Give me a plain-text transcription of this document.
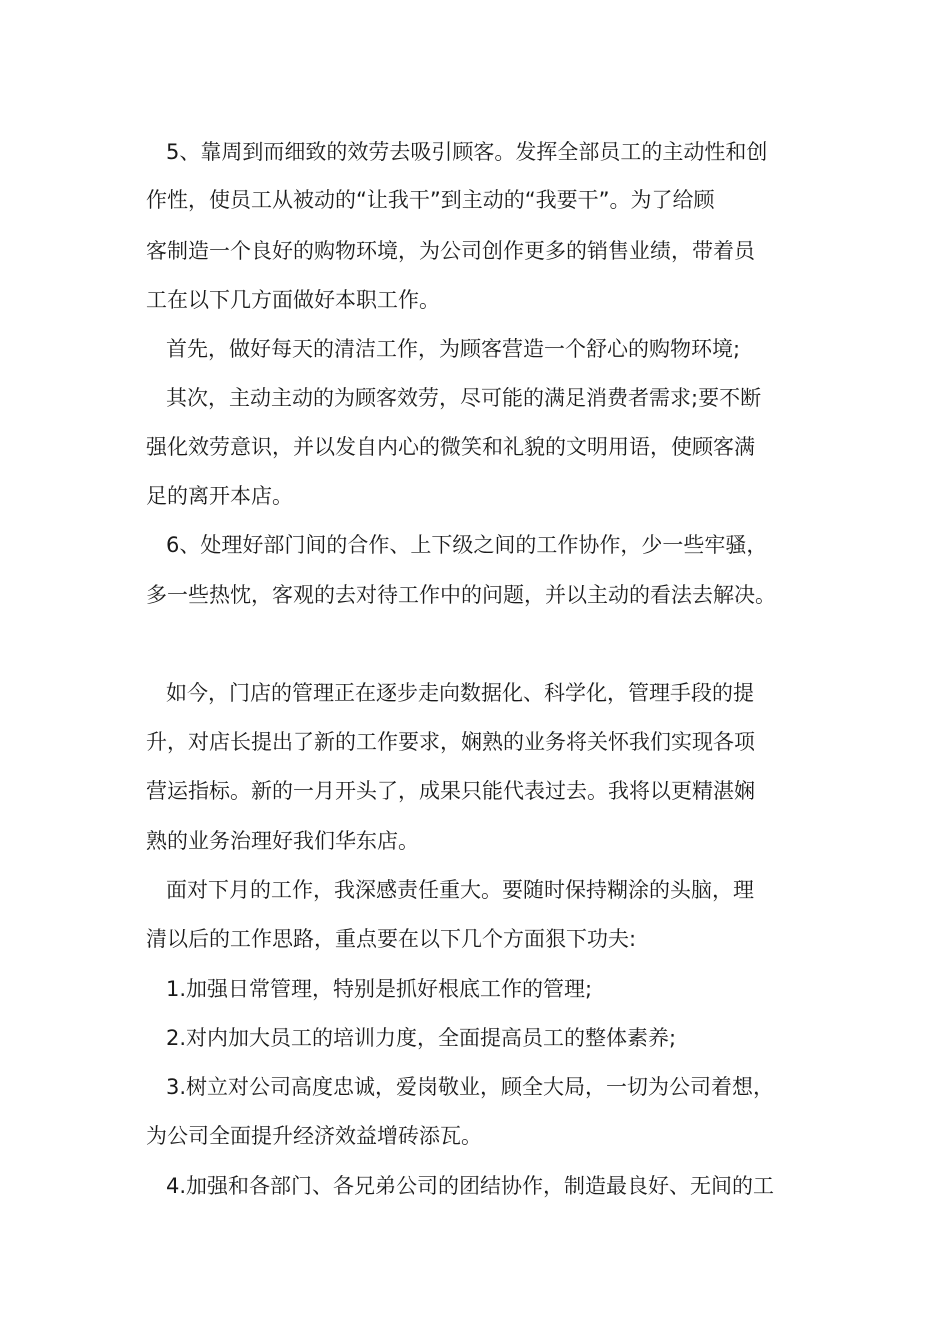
5、靠周到而细致的效劳去吸引顾客。发挥全部员工的主动性和创
作性，使员工从被动的“让我干”到主动的“我要干”。为了给顾
客制造一个良好的购物环境，为公司创作更多的销售业绩，带着员
工在以下几方面做好本职工作。
首先，做好每天的清洁工作，为顾客营造一个舒心的购物环境;
其次，主动主动的为顾客效劳，尽可能的满足消费者需求;要不断
强化效劳意识，并以发自内心的微笑和礼貌的文明用语，使顾客满
足的离开本店。
6、处理好部门间的合作、上下级之间的工作协作，少一些牢骚，
多一些热忱，客观的去对待工作中的问题，并以主动的看法去解决。
如今，门店的管理正在逐步走向数据化、科学化，管理手段的提
升，对店长提出了新的工作要求，娴熟的业务将关怀我们实现各项
营运指标。新的一月开头了，成果只能代表过去。我将以更精湛娴
熟的业务治理好我们华东店。
面对下月的工作，我深感责任重大。要随时保持糊涂的头脑，理
清以后的工作思路，重点要在以下几个方面狠下功夫:
1.加强日常管理，特别是抓好根底工作的管理;
2.对内加大员工的培训力度，全面提高员工的整体素养;
3.树立对公司高度忠诚，爱岗敬业，顾全大局，一切为公司着想，
为公司全面提升经济效益增砖添瓦。
4.加强和各部门、各兄弟公司的团结协作，制造最良好、无间的工
